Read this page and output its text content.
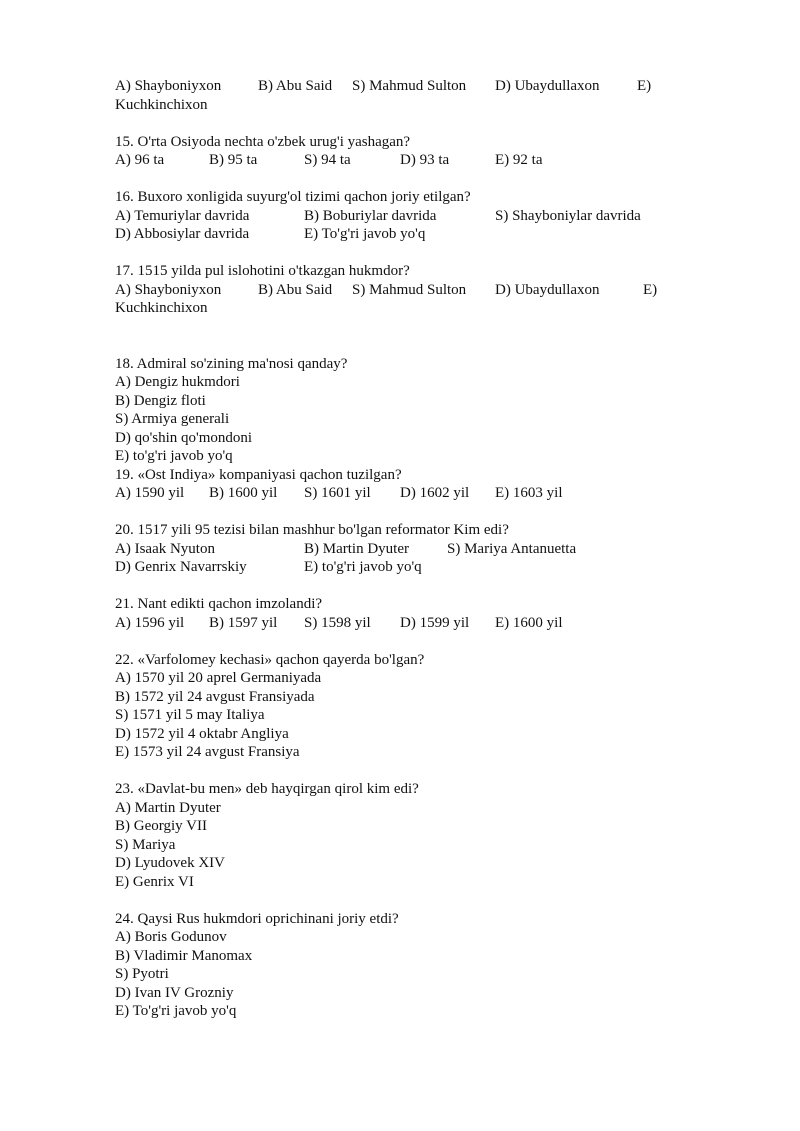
A) Shayboniyxon B) Abu Said S) Mahmud Sulton D) Ubaydullaxon E)
Kuchkinchixon
15. O'rta Osiyoda nechta o'zbek urug'i yashagan?
A) 96 ta	B) 95 ta	S) 94 ta	D) 93 ta	E) 92 ta
16. Buxoro xonligida suyurg'ol tizimi qachon joriy etilgan?
A) Temuriylar davrida	B) Boburiylar davrida	S) Shayboniylar davrida
D) Abbosiylar davrida	E) To'g'ri javob yo'q
17. 1515 yilda pul islohotini o'tkazgan hukmdor?
A) Shayboniyxon B) Abu Said S) Mahmud Sulton D) Ubaydullaxon	E)
Kuchkinchixon
18. Admiral so'zining ma'nosi qanday?
A) Dengiz hukmdori
B) Dengiz floti
S) Armiya generali
D) qo'shin qo'mondoni
E) to'g'ri javob yo'q
19. «Ost Indiya» kompaniyasi qachon tuzilgan?
A) 1590 yil B) 1600 yil S) 1601 yil D) 1602 yil E) 1603 yil
20. 1517 yili 95 tezisi bilan mashhur bo'lgan reformator Kim edi?
A) Isaak Nyuton	B) Martin Dyuter	S) Mariya Antanuetta
D) Genrix Navarrskiy	E) to'g'ri javob yo'q
21. Nant edikti qachon imzolandi?
A) 1596 yil B) 1597 yil S) 1598 yil D) 1599 yil E) 1600 yil
22. «Varfolomey kechasi» qachon qayerda bo'lgan?
A) 1570 yil 20 aprel Germaniyada
B) 1572 yil 24 avgust Fransiyada
S) 1571 yil 5 may Italiya
D) 1572 yil 4 oktabr Angliya
E) 1573 yil 24 avgust Fransiya
23. «Davlat-bu men» deb hayqirgan qirol kim edi?
A) Martin Dyuter
B) Georgiy VII
S) Mariya
D) Lyudovek XIV
E) Genrix VI
24. Qaysi Rus hukmdori oprichinani joriy etdi?
A) Boris Godunov
B) Vladimir Manomax
S) Pyotri
D) Ivan IV Grozniy
E) To'g'ri javob yo'q
